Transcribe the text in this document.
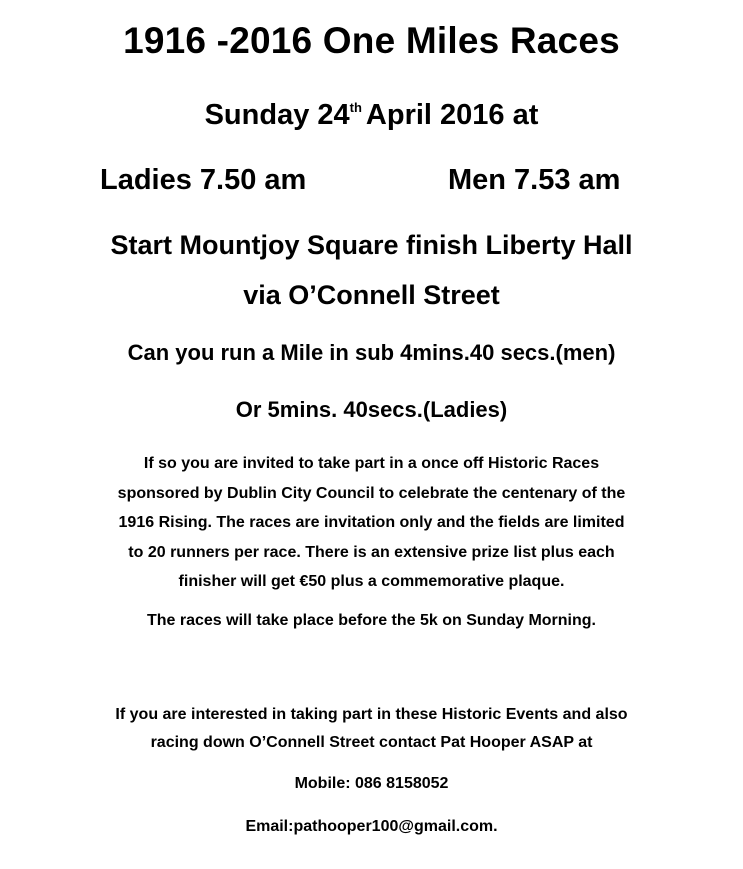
1916 -2016 One Miles Races
Sunday 24th April 2016 at
Ladies 7.50 am	Men 7.53 am
Start Mountjoy Square finish Liberty Hall
via O’Connell Street
Can you run a Mile in sub 4mins.40 secs.(men)
Or 5mins. 40secs.(Ladies)
If so you are invited to take part in a once off Historic Races
sponsored by Dublin City Council to celebrate the centenary of the
1916 Rising. The races are invitation only and the fields are limited
to 20 runners per race. There is an extensive prize list plus each
finisher will get €50 plus a commemorative plaque.
The races will take place before the 5k on Sunday Morning.
If you are interested in taking part in these Historic Events and also
racing down O’Connell Street contact Pat Hooper ASAP at
Mobile: 086 8158052
Email:pathooper100@gmail.com.
